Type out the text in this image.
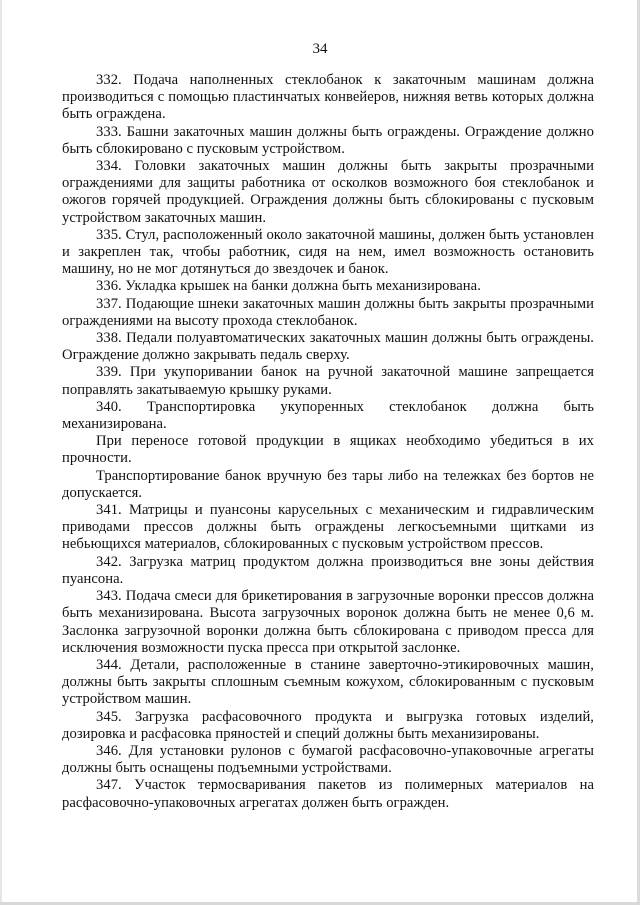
34

332. Подача наполненных стеклобанок к закаточным машинам должна производиться с помощью пластинчатых конвейеров, нижняя ветвь которых должна быть ограждена.

333. Башни закаточных машин должны быть ограждены. Ограждение должно быть сблокировано с пусковым устройством.

334. Головки закаточных машин должны быть закрыты прозрачными ограждениями для защиты работника от осколков возможного боя стеклобанок и ожогов горячей продукцией. Ограждения должны быть сблокированы с пусковым устройством закаточных машин.

335. Стул, расположенный около закаточной машины, должен быть установлен и закреплен так, чтобы работник, сидя на нем, имел возможность остановить машину, но не мог дотянуться до звездочек и банок.

336. Укладка крышек на банки должна быть механизирована.

337. Подающие шнеки закаточных машин должны быть закрыты прозрачными ограждениями на высоту прохода стеклобанок.

338. Педали полуавтоматических закаточных машин должны быть ограждены. Ограждение должно закрывать педаль сверху.

339. При укупоривании банок на ручной закаточной машине запрещается поправлять закатываемую крышку руками.

340. Транспортировка укупоренных стеклобанок должна быть механизирована.

При переносе готовой продукции в ящиках необходимо убедиться в их прочности.

Транспортирование банок вручную без тары либо на тележках без бортов не допускается.

341. Матрицы и пуансоны карусельных с механическим и гидравлическим приводами прессов должны быть ограждены легкосъемными щитками из небьющихся материалов, сблокированных с пусковым устройством прессов.

342. Загрузка матриц продуктом должна производиться вне зоны действия пуансона.

343. Подача смеси для брикетирования в загрузочные воронки прессов должна быть механизирована. Высота загрузочных воронок должна быть не менее 0,6 м. Заслонка загрузочной воронки должна быть сблокирована с приводом пресса для исключения возможности пуска пресса при открытой заслонке.

344. Детали, расположенные в станине заверточно-этикировочных машин, должны быть закрыты сплошным съемным кожухом, сблокированным с пусковым устройством машин.

345. Загрузка расфасовочного продукта и выгрузка готовых изделий, дозировка и расфасовка пряностей и специй должны быть механизированы.

346. Для установки рулонов с бумагой расфасовочно-упаковочные агрегаты должны быть оснащены подъемными устройствами.

347. Участок термосваривания пакетов из полимерных материалов на расфасовочно-упаковочных агрегатах должен быть огражден.
